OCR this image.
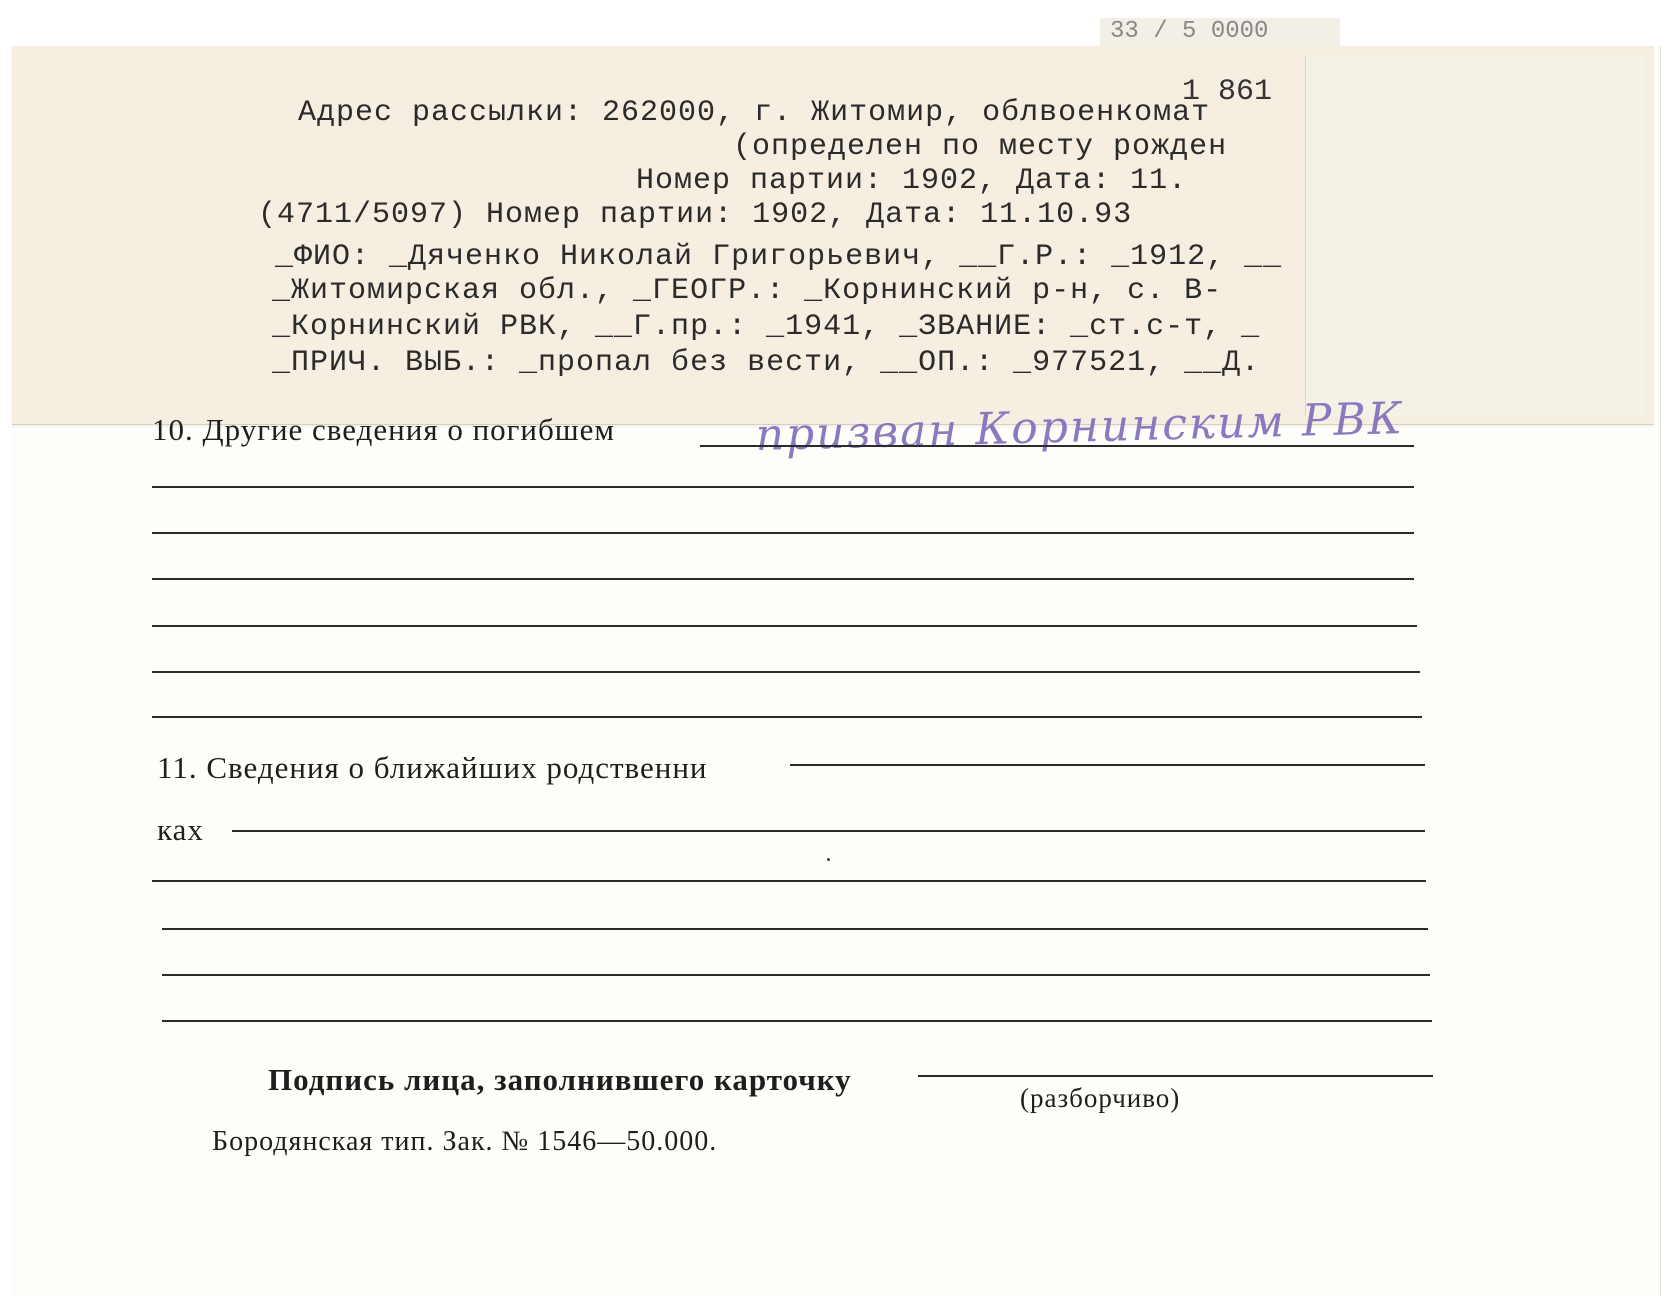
33 / 5 0000
1 861
Адрес рассылки: 262000, г. Житомир, облвоенкомат
(определен по месту рожден
Номер партии: 1902, Дата: 11.
(4711/5097) Номер партии: 1902, Дата: 11.10.93
_ФИО: _Дяченко Николай Григорьевич, __Г.Р.: _1912, __
_Житомирская обл., _ГЕОГР.: _Корнинский р-н, с. В-
_Корнинский РВК, __Г.пр.: _1941, _ЗВАНИЕ: _ст.с-т, _
_ПРИЧ. ВЫБ.: _пропал без вести, __ОП.: _977521, __Д.
10. Другие сведения о погибшем	призван Корнинским РВК
11. Сведения о ближайших родственни
ках
Подпись лица, заполнившего карточку
(разборчиво)
Бородянская тип. Зак. № 1546—50.000.
